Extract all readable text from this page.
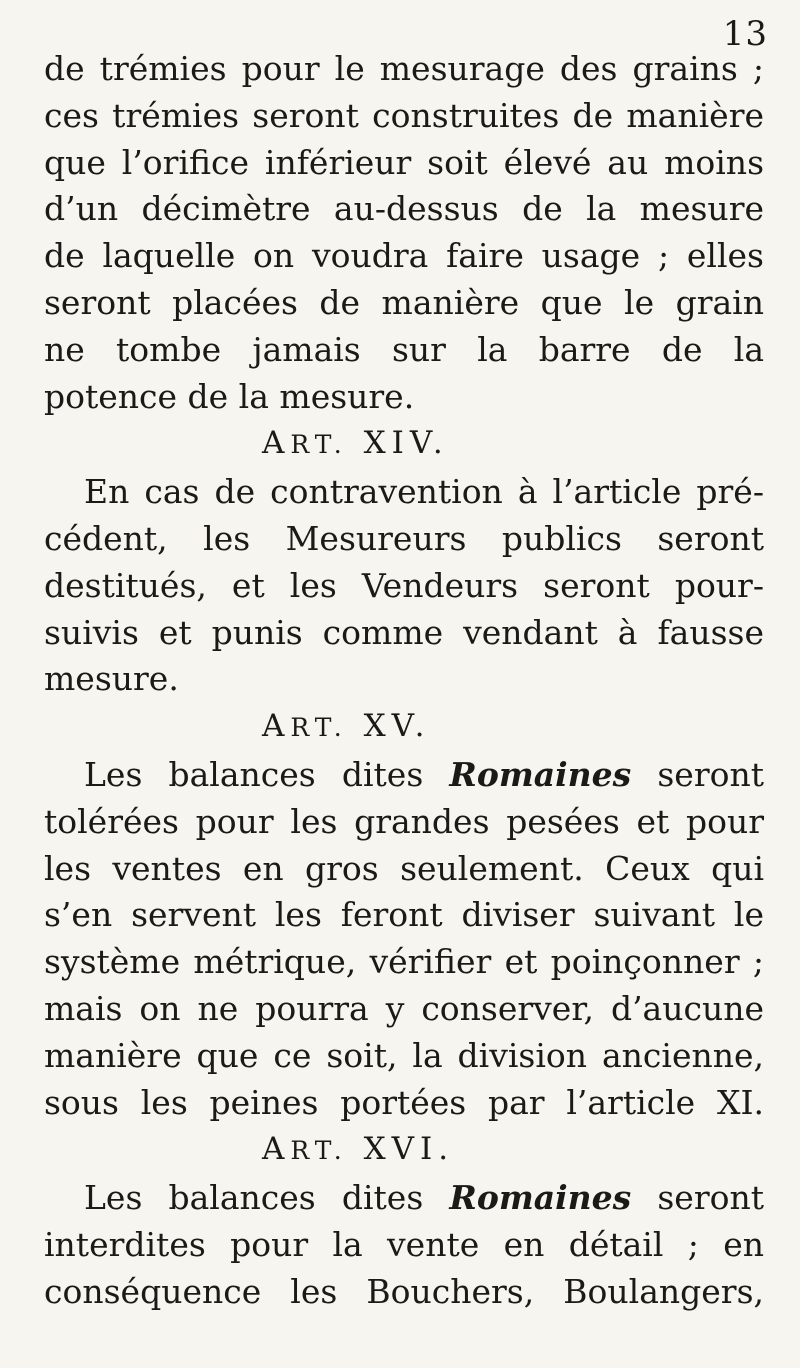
13
de trémies pour le mesurage des grains ;
ces trémies seront construites de manière
que l’orifice inférieur soit élevé au moins
d’un décimètre au-dessus de la mesure
de laquelle on voudra faire usage ; elles
seront placées de manière que le grain
ne tombe jamais sur la barre de la
potence de la mesure.
ART. XIV.
En cas de contravention à l’article pré-
cédent, les Mesureurs publics seront
destitués, et les Vendeurs seront pour-
suivis et punis comme vendant à fausse
mesure.
ART. XV.
Les balances dites Romaines seront
tolérées pour les grandes pesées et pour
les ventes en gros seulement. Ceux qui
s’en servent les feront diviser suivant le
système métrique, vérifier et poinçonner ;
mais on ne pourra y conserver, d’aucune
manière que ce soit, la division ancienne,
sous les peines portées par l’article XI.
ART. XVI.
Les balances dites Romaines seront
interdites pour la vente en détail ; en
conséquence les Bouchers, Boulangers,
